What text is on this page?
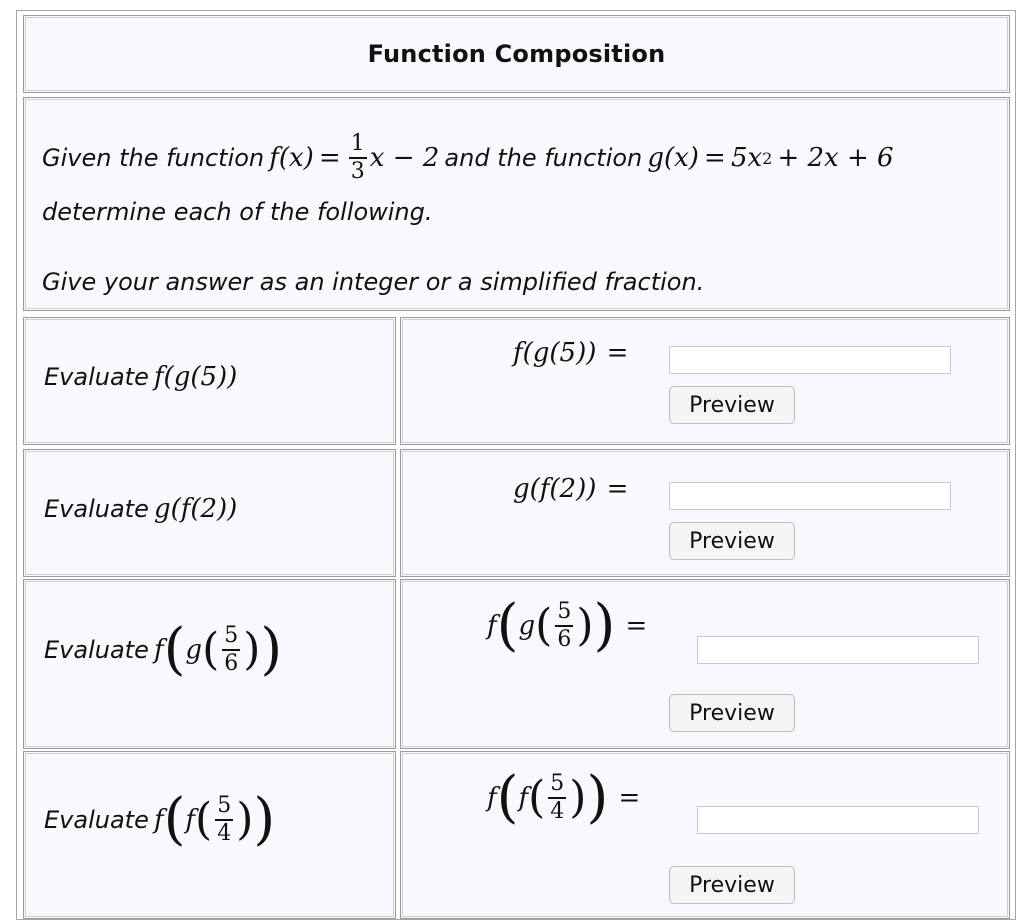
Function Composition
Given the function
f(x)
=
$\frac{1}{3}$ x − 2
and the function
g(x)
=
5x 2
+ 2x + 6
determine each of the following.
Give your answer as an integer or a simplified fraction.
Evaluate
f(g(5))
f(g(5))
=
Preview
Evaluate
g(f(2))
g(f(2))
=
Preview
Evaluate
f ( g ( $\frac{5}{6}$ ) )	f ( g ( $\frac{5}{6}$ ) )
=
Preview
Evaluate
f ( f ( $\frac{5}{4}$ ) )	f ( f ( $\frac{5}{4}$ ) )
=
Preview
